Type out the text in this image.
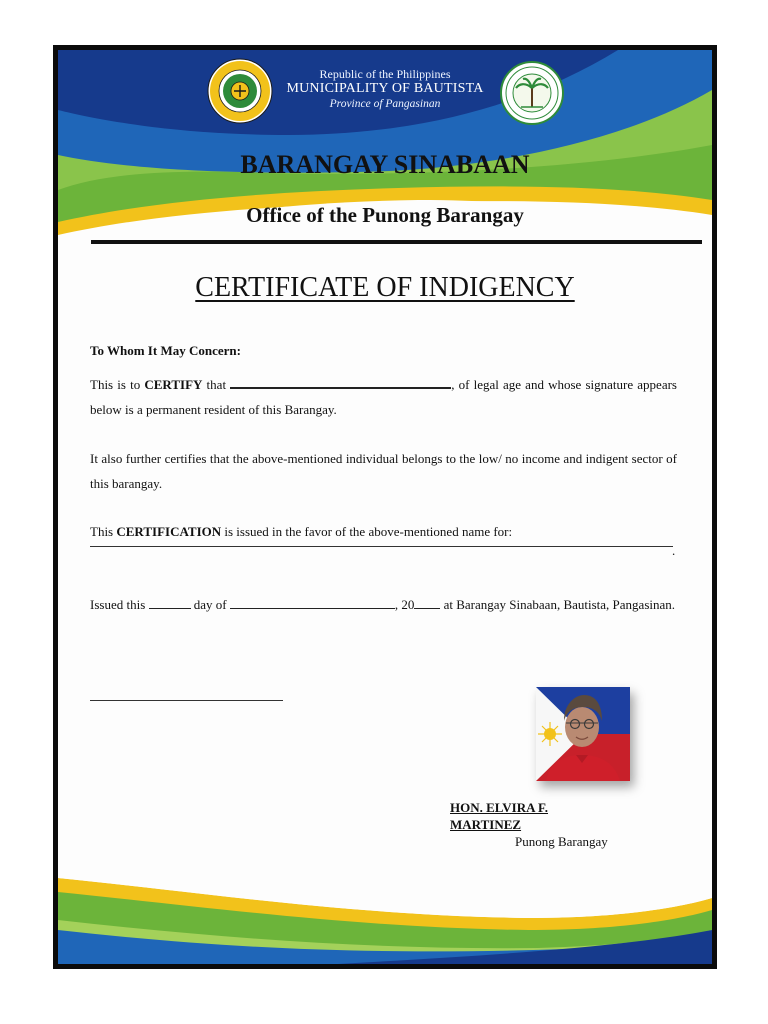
Republic of the Philippines
MUNICIPALITY OF BAUTISTA
Province of Pangasinan
BARANGAY SINABAAN
Office of the Punong Barangay
CERTIFICATE OF INDIGENCY
To Whom It May Concern:
This is to CERTIFY that	, of legal age and whose signature appears below is a permanent resident of this Barangay.
It also further certifies that the above-mentioned individual belongs to the low/ no income and indigent sector of this barangay.
This CERTIFICATION is issued in the favor of the above-mentioned name for:
.
Issued this	day of	, 20 at Barangay Sinabaan, Bautista, Pangasinan.
HON. ELVIRA F. MARTINEZ
Punong Barangay
